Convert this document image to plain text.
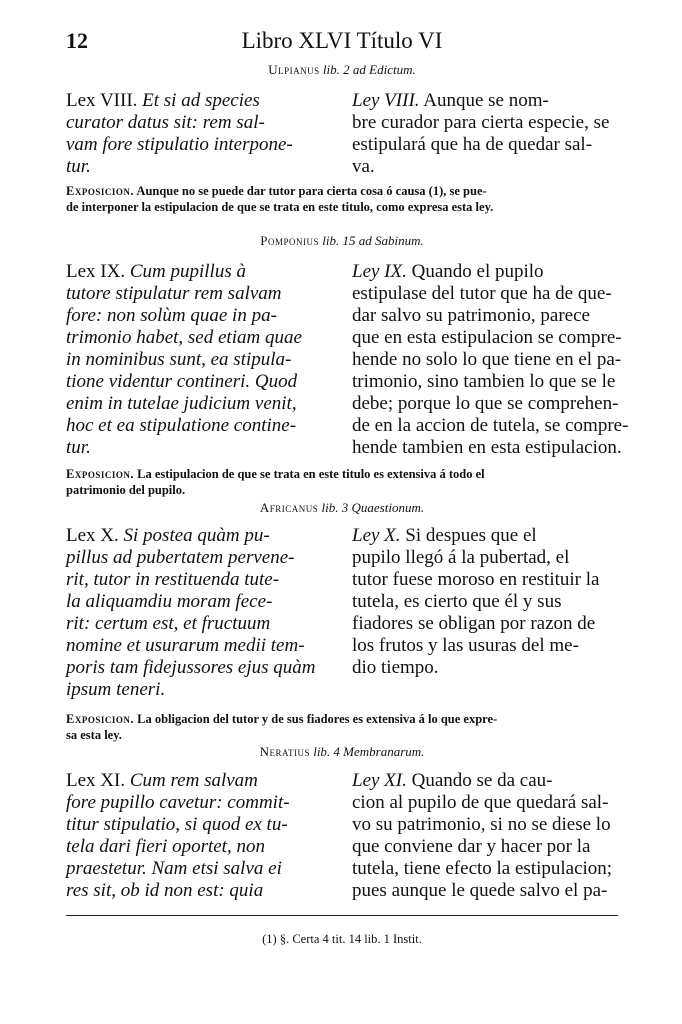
12	Libro XLVI Título VI
Ulpianus lib. 2 ad Edictum.
Lex VIII. Et si ad species
curator datus sit: rem sal-
vam fore stipulatio interpone-
tur.
Ley VIII. Aunque se nom-
bre curador para cierta especie, se
estipulará que ha de quedar sal-
va.
Exposicion. Aunque no se puede dar tutor para cierta cosa ó causa (1), se pue-
de interponer la estipulacion de que se trata en este titulo, como expresa esta ley.
Pomponius lib. 15 ad Sabinum.
Lex IX. Cum pupillus à
tutore stipulatur rem salvam
fore: non solùm quae in pa-
trimonio habet, sed etiam quae
in nominibus sunt, ea stipula-
tione videntur contineri. Quod
enim in tutelae judicium venit,
hoc et ea stipulatione contine-
tur.
Ley IX. Quando el pupilo
estipulase del tutor que ha de que-
dar salvo su patrimonio, parece
que en esta estipulacion se compre-
hende no solo lo que tiene en el pa-
trimonio, sino tambien lo que se le
debe; porque lo que se comprehen-
de en la accion de tutela, se compre-
hende tambien en esta estipulacion.
Exposicion. La estipulacion de que se trata en este titulo es extensiva á todo el
patrimonio del pupilo.
Africanus lib. 3 Quaestionum.
Lex X. Si postea quàm pu-
pillus ad pubertatem pervene-
rit, tutor in restituenda tute-
la aliquamdiu moram fece-
rit: certum est, et fructuum
nomine et usurarum medii tem-
poris tam fidejussores ejus quàm
ipsum teneri.
Ley X. Si despues que el
pupilo llegó á la pubertad, el
tutor fuese moroso en restituir la
tutela, es cierto que él y sus
fiadores se obligan por razon de
los frutos y las usuras del me-
dio tiempo.
Exposicion. La obligacion del tutor y de sus fiadores es extensiva á lo que expre-
sa esta ley.
Neratius lib. 4 Membranarum.
Lex XI. Cum rem salvam
fore pupillo cavetur: commit-
titur stipulatio, si quod ex tu-
tela dari fieri oportet, non
praestetur. Nam etsi salva ei
res sit, ob id non est: quia
Ley XI. Quando se da cau-
cion al pupilo de que quedará sal-
vo su patrimonio, si no se diese lo
que conviene dar y hacer por la
tutela, tiene efecto la estipulacion;
pues aunque le quede salvo el pa-
(1) §. Certa 4 tit. 14 lib. 1 Instit.
